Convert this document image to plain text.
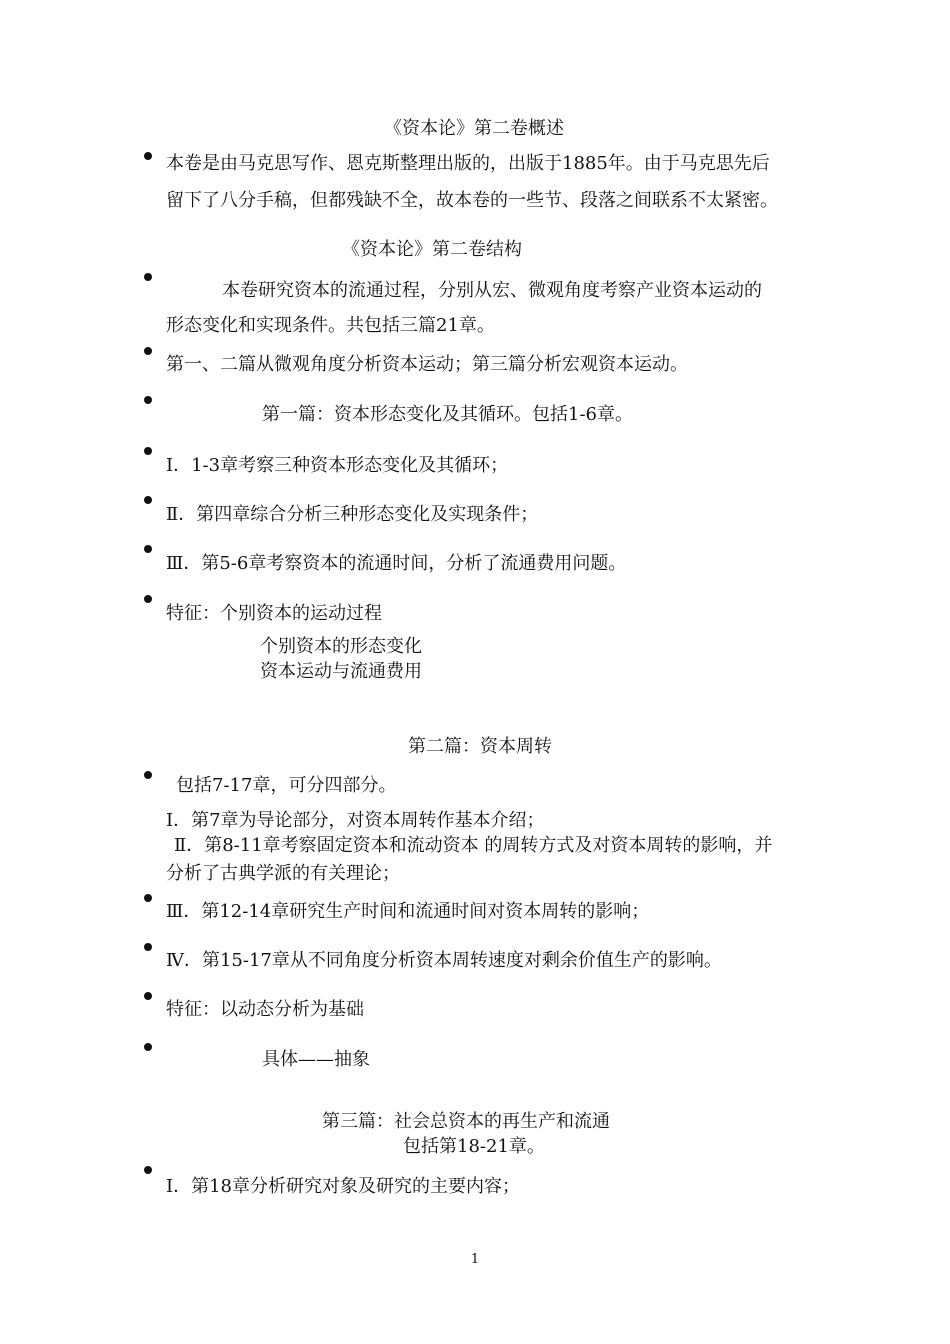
《资本论》第二卷概述
本卷是由马克思写作、恩克斯整理出版的，出版于1885年。由于马克思先后
留下了八分手稿，但都残缺不全，故本卷的一些节、段落之间联系不太紧密。
《资本论》第二卷结构
本卷研究资本的流通过程，分别从宏、微观角度考察产业资本运动的
形态变化和实现条件。共包括三篇21章。
第一、二篇从微观角度分析资本运动；第三篇分析宏观资本运动。
第一篇：资本形态变化及其循环。包括1-6章。
Ⅰ．1-3章考察三种资本形态变化及其循环；
Ⅱ．第四章综合分析三种形态变化及实现条件；
Ⅲ．第5-6章考察资本的流通时间，分析了流通费用问题。
特征：个别资本的运动过程
个别资本的形态变化
资本运动与流通费用
第二篇：资本周转
包括7-17章，可分四部分。
Ⅰ．第7章为导论部分，对资本周转作基本介绍；
Ⅱ．第8-11章考察固定资本和流动资本 的周转方式及对资本周转的影响，并
分析了古典学派的有关理论；
Ⅲ．第12-14章研究生产时间和流通时间对资本周转的影响；
Ⅳ．第15-17章从不同角度分析资本周转速度对剩余价值生产的影响。
特征：以动态分析为基础
具体——抽象
第三篇：社会总资本的再生产和流通
包括第18-21章。
Ⅰ．第18章分析研究对象及研究的主要内容；
1
